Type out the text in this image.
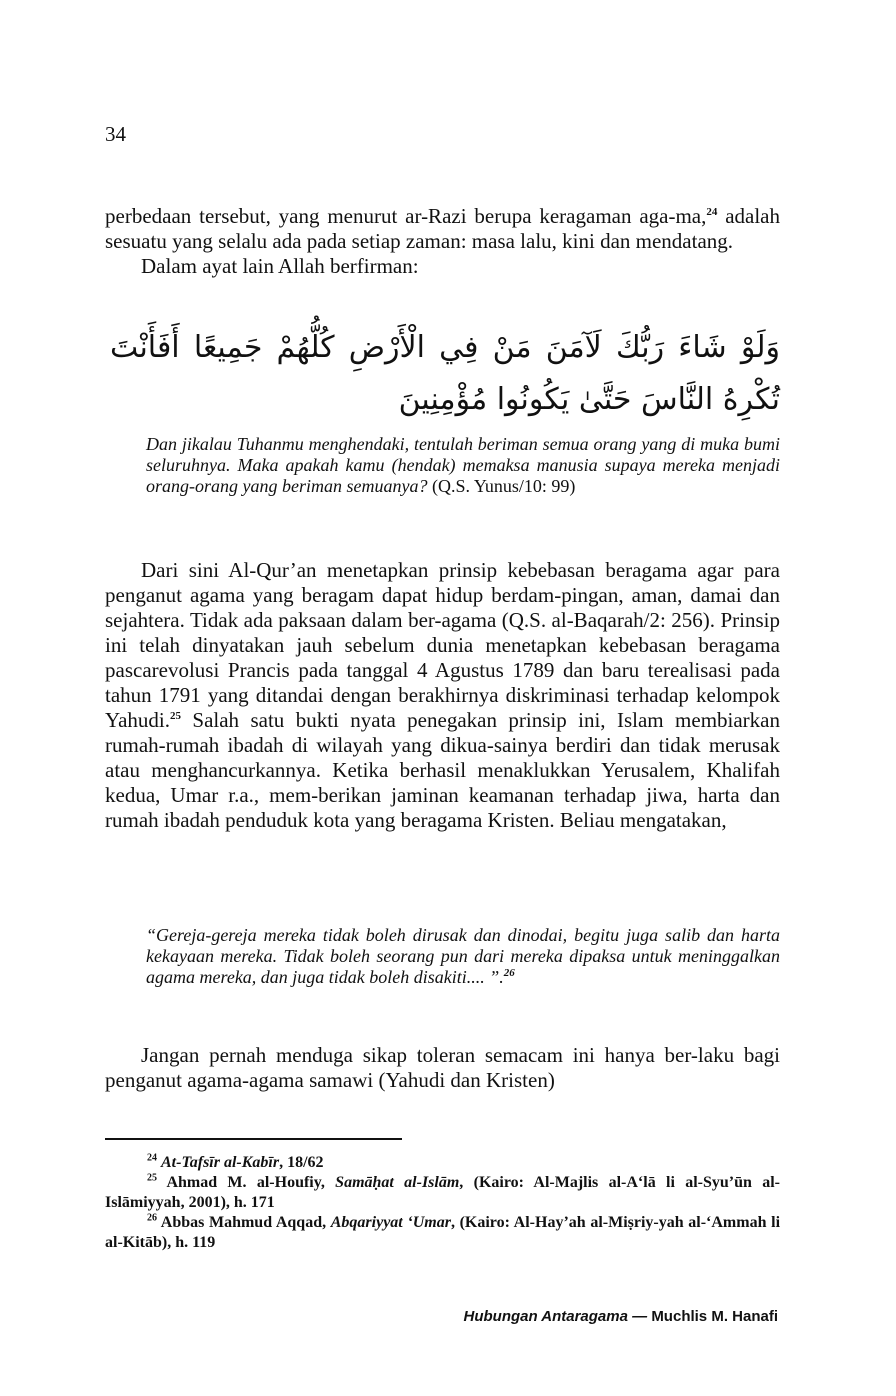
34

perbedaan tersebut, yang menurut ar-Razi berupa keragaman aga-ma,$^{24}$ adalah sesuatu yang selalu ada pada setiap zaman: masa lalu, kini dan mendatang.

Dalam ayat lain Allah berfirman:

وَلَوْ شَاءَ رَبُّكَ لَآمَنَ مَنْ فِي الْأَرْضِ كُلُّهُمْ جَمِيعًا أَفَأَنْتَ تُكْرِهُ النَّاسَ حَتَّىٰ يَكُونُوا مُؤْمِنِينَ

Dan jikalau Tuhanmu menghendaki, tentulah beriman semua orang yang di muka bumi seluruhnya. Maka apakah kamu (hendak) memaksa manusia supaya mereka menjadi orang-orang yang beriman semuanya? (Q.S. Yunus/10: 99)

Dari sini Al-Qur’an menetapkan prinsip kebebasan beragama agar para penganut agama yang beragam dapat hidup berdam-pingan, aman, damai dan sejahtera. Tidak ada paksaan dalam ber-agama (Q.S. al-Baqarah/2: 256). Prinsip ini telah dinyatakan jauh sebelum dunia menetapkan kebebasan beragama pascarevolusi Prancis pada tanggal 4 Agustus 1789 dan baru terealisasi pada tahun 1791 yang ditandai dengan berakhirnya diskriminasi terhadap kelompok Yahudi.$^{25}$ Salah satu bukti nyata penegakan prinsip ini, Islam membiarkan rumah-rumah ibadah di wilayah yang dikua-sainya berdiri dan tidak merusak atau menghancurkannya. Ketika berhasil menaklukkan Yerusalem, Khalifah kedua, Umar r.a., mem-berikan jaminan keamanan terhadap jiwa, harta dan rumah ibadah penduduk kota yang beragama Kristen. Beliau mengatakan,

“Gereja-gereja mereka tidak boleh dirusak dan dinodai, begitu juga salib dan harta kekayaan mereka. Tidak boleh seorang pun dari mereka dipaksa untuk meninggalkan agama mereka, dan juga tidak boleh disakiti.... ”.$^{26}$

Jangan pernah menduga sikap toleran semacam ini hanya ber-laku bagi penganut agama-agama samawi (Yahudi dan Kristen)

$^{24}$ At-Tafsīr al-Kabīr, 18/62

$^{25}$ Ahmad M. al-Houfiy, Samāḥat al-Islām, (Kairo: Al-Majlis al-A‘lā li al-Syu’ūn al-Islāmiyyah, 2001), h. 171

$^{26}$ Abbas Mahmud Aqqad, Abqariyyat ‘Umar, (Kairo: Al-Hay’ah al-Miṣriy-yah al-‘Ammah li al-Kitāb), h. 119

Hubungan Antaragama — Muchlis M. Hanafi
